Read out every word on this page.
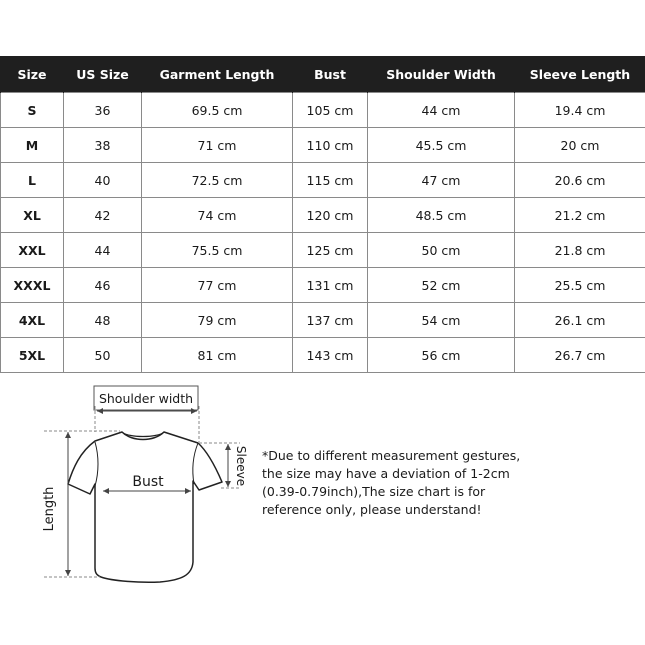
Size	US Size	Garment Length	Bust	Shoulder Width	Sleeve Length
S	36	69.5 cm	105 cm	44 cm	19.4 cm
M	38	71 cm	110 cm	45.5 cm	20 cm
L	40	72.5 cm	115 cm	47 cm	20.6 cm
XL	42	74 cm	120 cm	48.5 cm	21.2 cm
XXL	44	75.5 cm	125 cm	50 cm	21.8 cm
XXXL	46	77 cm	131 cm	52 cm	25.5 cm
4XL	48	79 cm	137 cm	54 cm	26.1 cm
5XL	50	81 cm	143 cm	56 cm	26.7 cm
Shoulder width
Bust	Sleeve
Length
*Due to different measurement gestures,
the size may have a deviation of 1-2cm
(0.39-0.79inch),The size chart is for
reference only, please understand!
